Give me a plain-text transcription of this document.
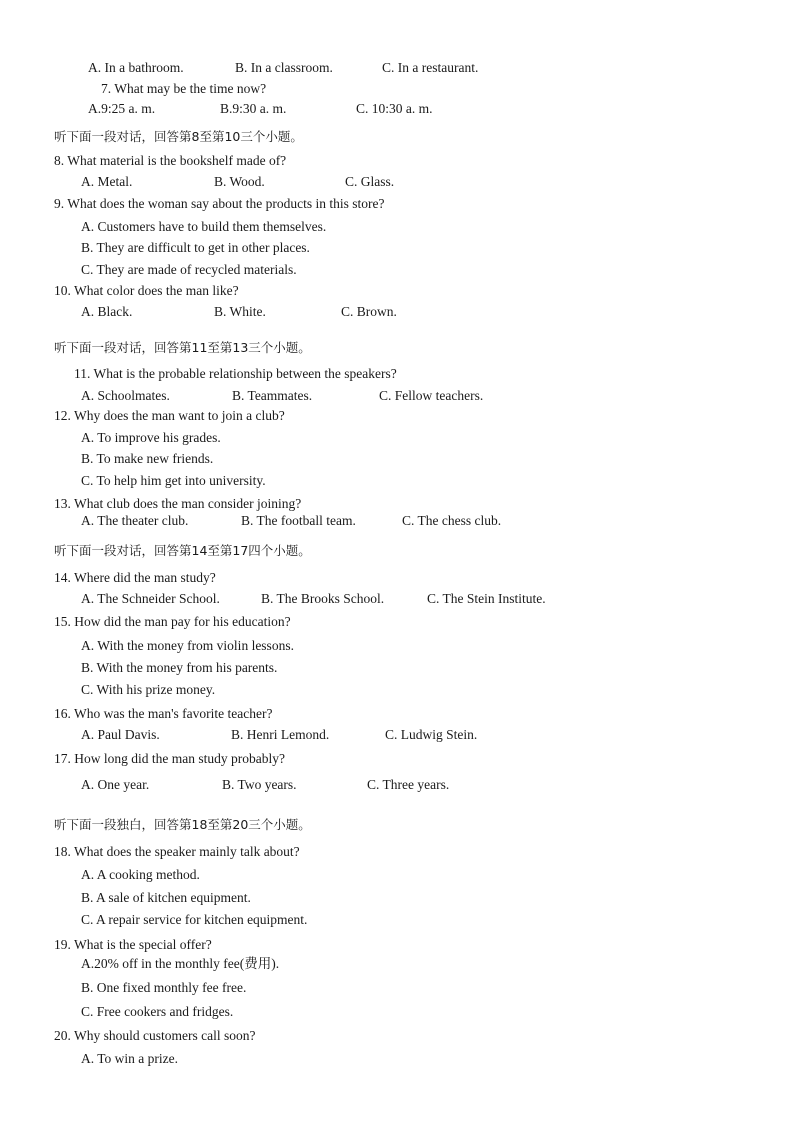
A. In a bathroom.	B. In a classroom.	C. In a restaurant.
7. What may be the time now?
A.9:25 a. m.	B.9:30 a. m.	C. 10:30 a. m.
听下面一段对话，回答第8至第10三个小题。
8. What material is the bookshelf made of?
A. Metal.	B. Wood.	C. Glass.
9. What does the woman say about the products in this store?
A. Customers have to build them themselves.
B. They are difficult to get in other places.
C. They are made of recycled materials.
10. What color does the man like?
A. Black.	B. White.	C. Brown.
听下面一段对话，回答第11至第13三个小题。
11. What is the probable relationship between the speakers?
A. Schoolmates.	B. Teammates.	C. Fellow teachers.
12. Why does the man want to join a club?
A. To improve his grades.
B. To make new friends.
C. To help him get into university.
13. What club does the man consider joining?
A. The theater club.	B. The football team.	C. The chess club.
听下面一段对话，回答第14至第17四个小题。
14. Where did the man study?
A. The Schneider School.	B. The Brooks School.	C. The Stein Institute.
15. How did the man pay for his education?
A. With the money from violin lessons.
B. With the money from his parents.
C. With his prize money.
16. Who was the man's favorite teacher?
A. Paul Davis.	B. Henri Lemond.	C. Ludwig Stein.
17. How long did the man study probably?
A. One year.	B. Two years.	C. Three years.
听下面一段独白，回答第18至第20三个小题。
18. What does the speaker mainly talk about?
A. A cooking method.
B. A sale of kitchen equipment.
C. A repair service for kitchen equipment.
19. What is the special offer?
A.20% off in the monthly fee(费用).
B. One fixed monthly fee free.
C. Free cookers and fridges.
20. Why should customers call soon?
A. To win a prize.
